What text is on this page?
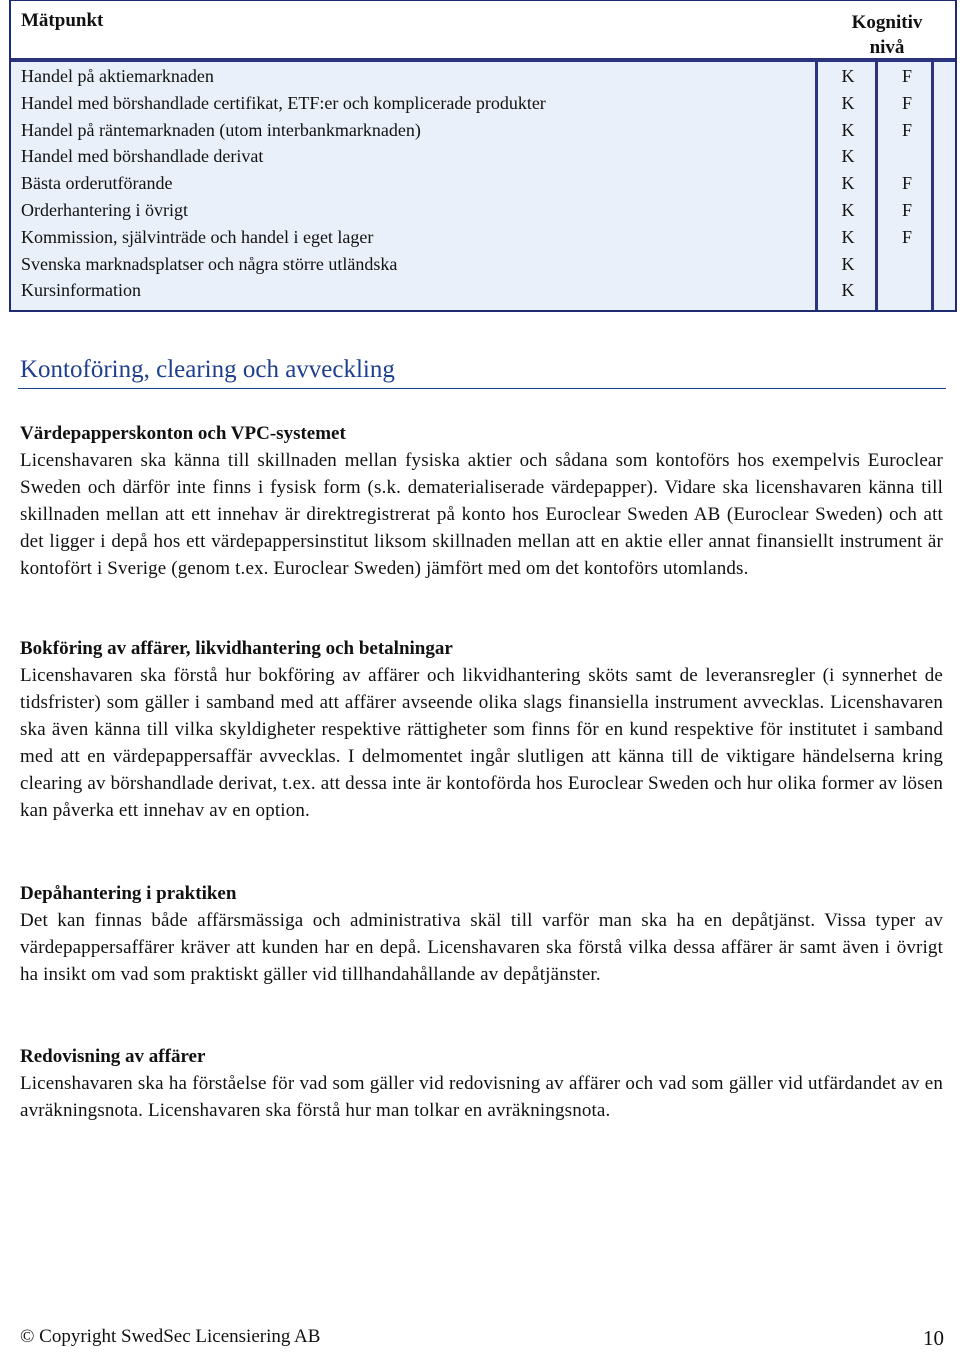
Mätpunkt	Kognitiv nivå
Handel på aktiemarknaden	K	F
Handel med börshandlade certifikat, ETF:er och komplicerade produkter	K	F
Handel på räntemarknaden (utom interbankmarknaden)	K	F
Handel med börshandlade derivat	K
Bästa orderutförande	K	F
Orderhantering i övrigt	K	F
Kommission, självinträde och handel i eget lager	K	F
Svenska marknadsplatser och några större utländska	K
Kursinformation	K
Kontoföring, clearing och avveckling
Värdepapperskonton och VPC-systemet

Licenshavaren ska känna till skillnaden mellan fysiska aktier och sådana som kontoförs hos exempelvis Euroclear Sweden och därför inte finns i fysisk form (s.k. dematerialiserade värdepapper). Vidare ska licenshavaren känna till skillnaden mellan att ett innehav är direktregistrerat på konto hos Euroclear Sweden AB (Euroclear Sweden) och att det ligger i depå hos ett värdepappersinstitut liksom skillnaden mellan att en aktie eller annat finansiellt instrument är kontofört i Sverige (genom t.ex. Euroclear Sweden) jämfört med om det kontoförs utomlands.

Bokföring av affärer, likvidhantering och betalningar

Licenshavaren ska förstå hur bokföring av affärer och likvidhantering sköts samt de leveransregler (i synnerhet de tidsfrister) som gäller i samband med att affärer avseende olika slags finansiella instrument avvecklas. Licenshavaren ska även känna till vilka skyldigheter respektive rättigheter som finns för en kund respektive för institutet i samband med att en värdepappersaffär avvecklas. I delmomentet ingår slutligen att känna till de viktigare händelserna kring clearing av börshandlade derivat, t.ex. att dessa inte är kontoförda hos Euroclear Sweden och hur olika former av lösen kan påverka ett innehav av en option.

Depåhantering i praktiken

Det kan finnas både affärsmässiga och administrativa skäl till varför man ska ha en depåtjänst. Vissa typer av värdepappersaffärer kräver att kunden har en depå. Licenshavaren ska förstå vilka dessa affärer är samt även i övrigt ha insikt om vad som praktiskt gäller vid tillhandahållande av depåtjänster.

Redovisning av affärer

Licenshavaren ska ha förståelse för vad som gäller vid redovisning av affärer och vad som gäller vid utfärdandet av en avräkningsnota. Licenshavaren ska förstå hur man tolkar en avräkningsnota.

© Copyright SwedSec Licensiering AB	10
